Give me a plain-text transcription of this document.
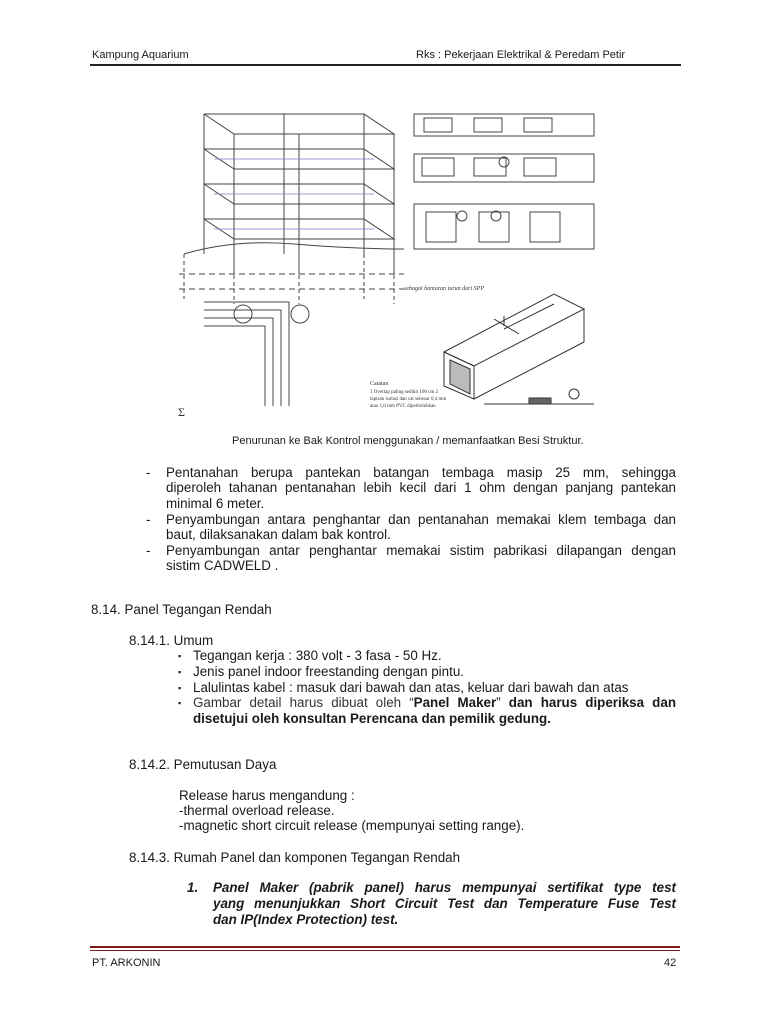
Kampung Aquarium	Rks : Pekerjaan Elektrikal & Peredam Petir
sebagai hantaran turun dari SPP
Ʃ
Catatan
1 Overlap paling sedikit 100 cm 2
lapisan isolasi dan cat sebesar 0,4 mm
atau 1,0 mm PVC diperbolehkan
Penurunan ke Bak Kontrol menggunakan / memanfaatkan Besi Struktur.
- Pentanahan berupa pantekan batangan tembaga masip 25 mm, sehingga
diperoleh tahanan pentanahan lebih kecil dari 1 ohm dengan panjang pantekan
minimal 6 meter.
- Penyambungan antara penghantar dan pentanahan memakai klem tembaga dan
baut, dilaksanakan dalam bak kontrol.
- Penyambungan antar penghantar memakai sistim pabrikasi dilapangan dengan
sistim CADWELD .
8.14. Panel Tegangan Rendah
8.14.1. Umum
▪ Tegangan kerja : 380 volt - 3 fasa - 50 Hz.
▪ Jenis panel indoor freestanding dengan pintu.
▪ Lalulintas kabel : masuk dari bawah dan atas, keluar dari bawah dan atas
▪ Gambar detail harus dibuat oleh “Panel Maker” dan harus diperiksa dan
disetujui oleh konsultan Perencana dan pemilik gedung.
8.14.2. Pemutusan Daya
Release harus mengandung :
-thermal overload release.
-magnetic short circuit release (mempunyai setting range).
8.14.3. Rumah Panel dan komponen Tegangan Rendah
1. Panel Maker (pabrik panel) harus mempunyai sertifikat type test
yang menunjukkan Short Circuit Test dan Temperature Fuse Test
dan IP(Index Protection) test.
PT. ARKONIN	42
